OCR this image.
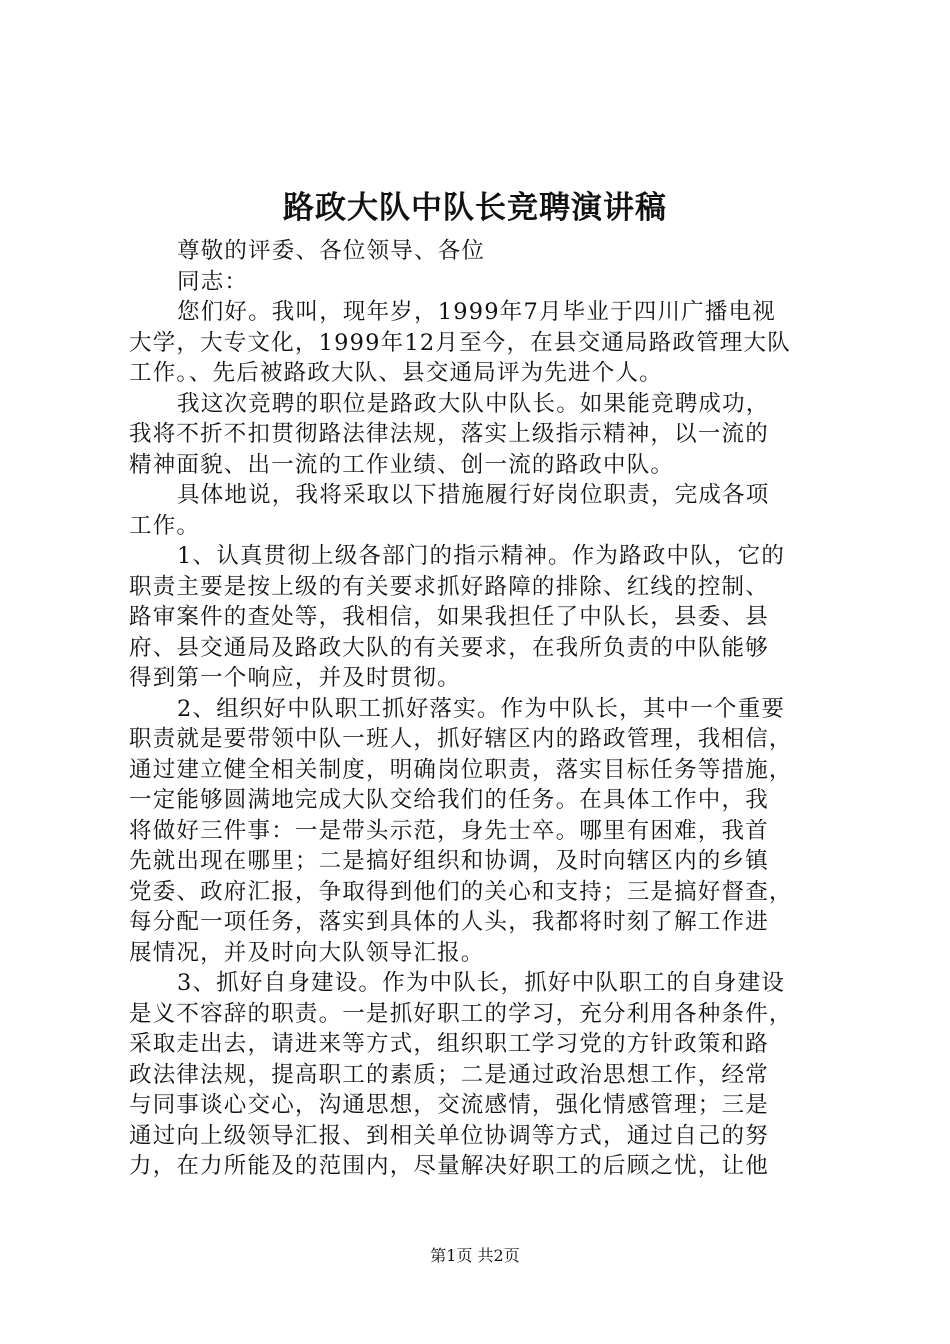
路政大队中队长竞聘演讲稿
尊敬的评委、各位领导、各位
同志：
您们好。我叫，现年岁，1999年7月毕业于四川广播电视
大学，大专文化，1999年12月至今，在县交通局路政管理大队
工作。、先后被路政大队、县交通局评为先进个人。
我这次竞聘的职位是路政大队中队长。如果能竞聘成功，
我将不折不扣贯彻路法律法规，落实上级指示精神，以一流的
精神面貌、出一流的工作业绩、创一流的路政中队。
具体地说，我将采取以下措施履行好岗位职责，完成各项
工作。
1、认真贯彻上级各部门的指示精神。作为路政中队，它的
职责主要是按上级的有关要求抓好路障的排除、红线的控制、
路审案件的查处等，我相信，如果我担任了中队长，县委、县
府、县交通局及路政大队的有关要求，在我所负责的中队能够
得到第一个响应，并及时贯彻。
2、组织好中队职工抓好落实。作为中队长，其中一个重要
职责就是要带领中队一班人，抓好辖区内的路政管理，我相信，
通过建立健全相关制度，明确岗位职责，落实目标任务等措施，
一定能够圆满地完成大队交给我们的任务。在具体工作中，我
将做好三件事：一是带头示范，身先士卒。哪里有困难，我首
先就出现在哪里；二是搞好组织和协调，及时向辖区内的乡镇
党委、政府汇报，争取得到他们的关心和支持；三是搞好督查，
每分配一项任务，落实到具体的人头，我都将时刻了解工作进
展情况，并及时向大队领导汇报。
3、抓好自身建设。作为中队长，抓好中队职工的自身建设
是义不容辞的职责。一是抓好职工的学习，充分利用各种条件，
采取走出去，请进来等方式，组织职工学习党的方针政策和路
政法律法规，提高职工的素质；二是通过政治思想工作，经常
与同事谈心交心，沟通思想，交流感情，强化情感管理；三是
通过向上级领导汇报、到相关单位协调等方式，通过自己的努
力，在力所能及的范围内，尽量解决好职工的后顾之忧，让他
第1页 共2页
